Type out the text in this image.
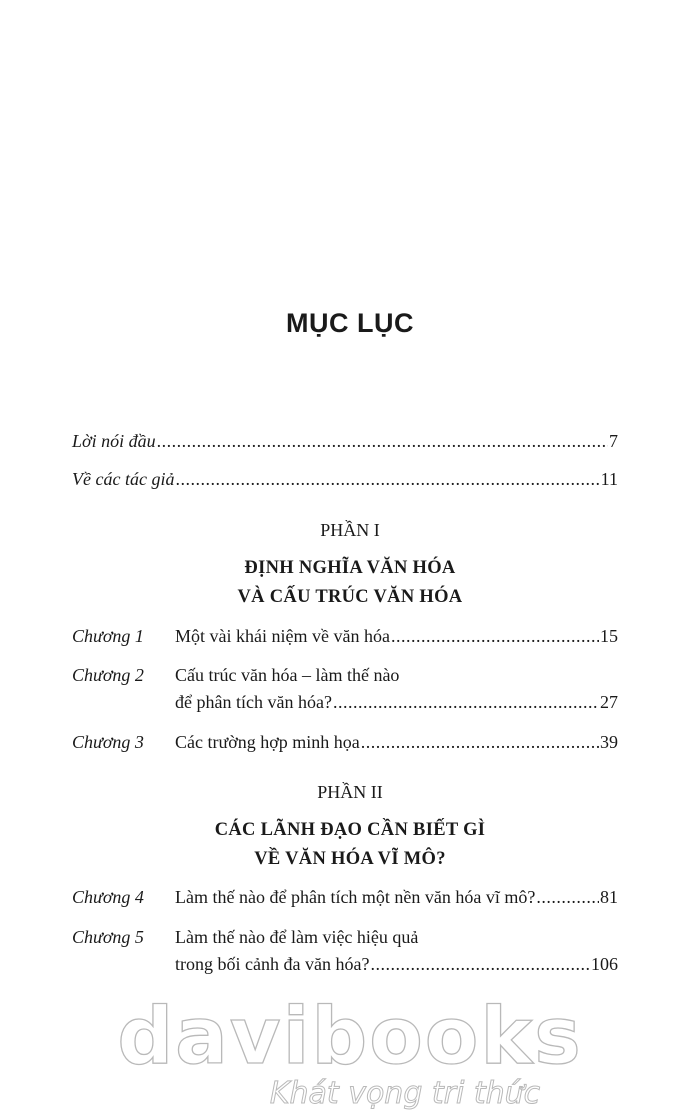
MỤC LỤC
Lời nói đầu .....	7
Về các tác giả .....	11
PHẦN I
ĐỊNH NGHĨA VĂN HÓA
VÀ CẤU TRÚC VĂN HÓA
Chương 1 Một vài khái niệm về văn hóa .....	15
Chương 2 Cấu trúc văn hóa – làm thế nào
để phân tích văn hóa? .....	27
Chương 3 Các trường hợp minh họa .....	39
PHẦN II
CÁC LÃNH ĐẠO CẦN BIẾT GÌ
VỀ VĂN HÓA VĨ MÔ?
Chương 4 Làm thế nào để phân tích một nền văn hóa vĩ mô? .....	81
Chương 5 Làm thế nào để làm việc hiệu quả
trong bối cảnh đa văn hóa? .....	106
davibooks
Khát vọng tri thức
